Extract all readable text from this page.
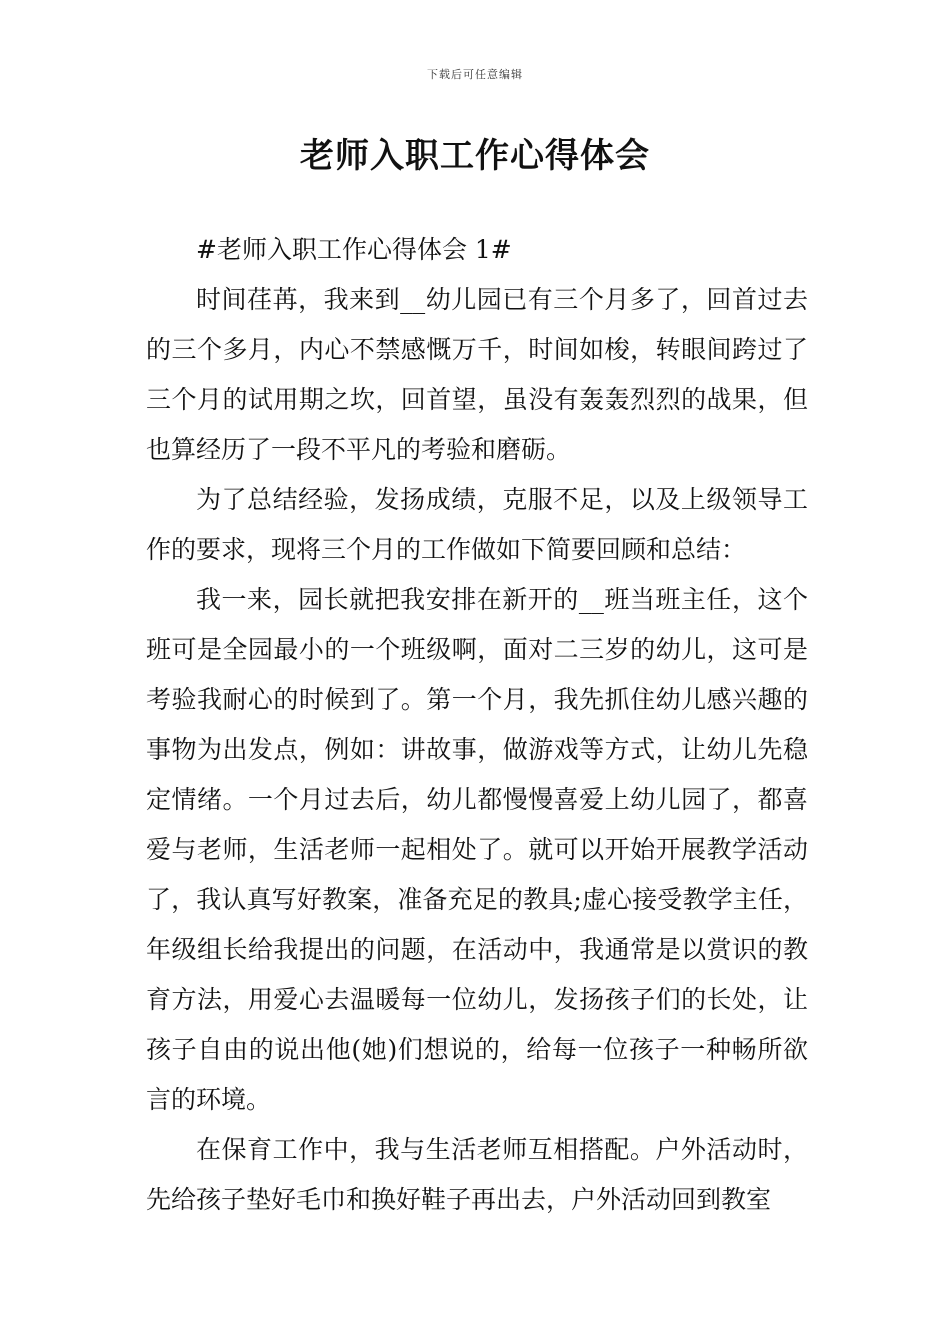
下载后可任意编辑
老师入职工作心得体会

#老师入职工作心得体会 1#

时间荏苒，我来到__幼儿园已有三个月多了，回首过去的三个多月，内心不禁感慨万千，时间如梭，转眼间跨过了三个月的试用期之坎，回首望，虽没有轰轰烈烈的战果，但也算经历了一段不平凡的考验和磨砺。

为了总结经验，发扬成绩，克服不足，以及上级领导工作的要求，现将三个月的工作做如下简要回顾和总结：

我一来，园长就把我安排在新开的__班当班主任，这个班可是全园最小的一个班级啊，面对二三岁的幼儿，这可是考验我耐心的时候到了。第一个月，我先抓住幼儿感兴趣的事物为出发点，例如：讲故事，做游戏等方式，让幼儿先稳定情绪。一个月过去后，幼儿都慢慢喜爱上幼儿园了，都喜爱与老师，生活老师一起相处了。就可以开始开展教学活动了，我认真写好教案，准备充足的教具;虚心接受教学主任，年级组长给我提出的问题，在活动中，我通常是以赏识的教育方法，用爱心去温暖每一位幼儿，发扬孩子们的长处，让孩子自由的说出他(她)们想说的，给每一位孩子一种畅所欲言的环境。

在保育工作中，我与生活老师互相搭配。户外活动时，先给孩子垫好毛巾和换好鞋子再出去，户外活动回到教室
